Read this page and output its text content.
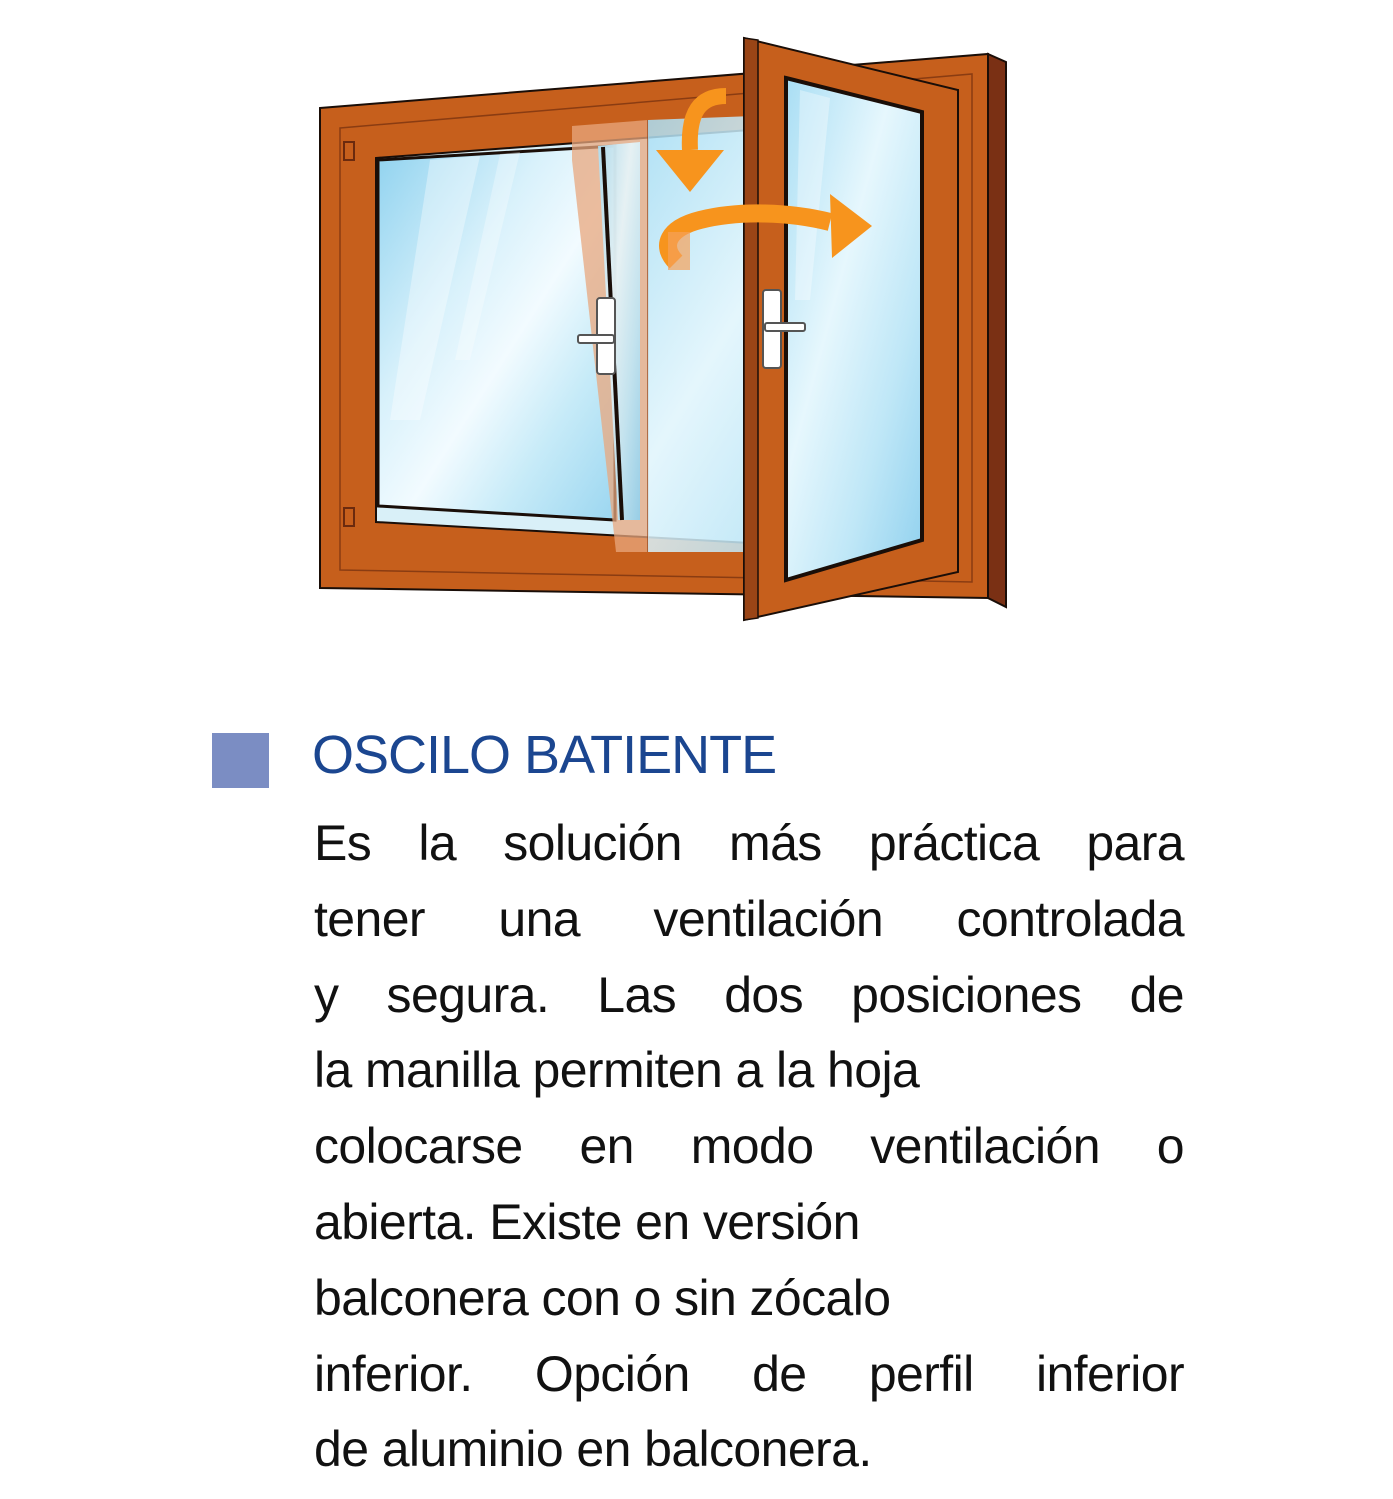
OSCILO BATIENTE
Es la solución más práctica para
tener una ventilación controlada
y segura. Las dos posiciones de
la manilla permiten a la hoja
colocarse en modo ventilación o
abierta. Existe en versión
balconera con o sin zócalo
inferior. Opción de perfil inferior
de aluminio en balconera.
